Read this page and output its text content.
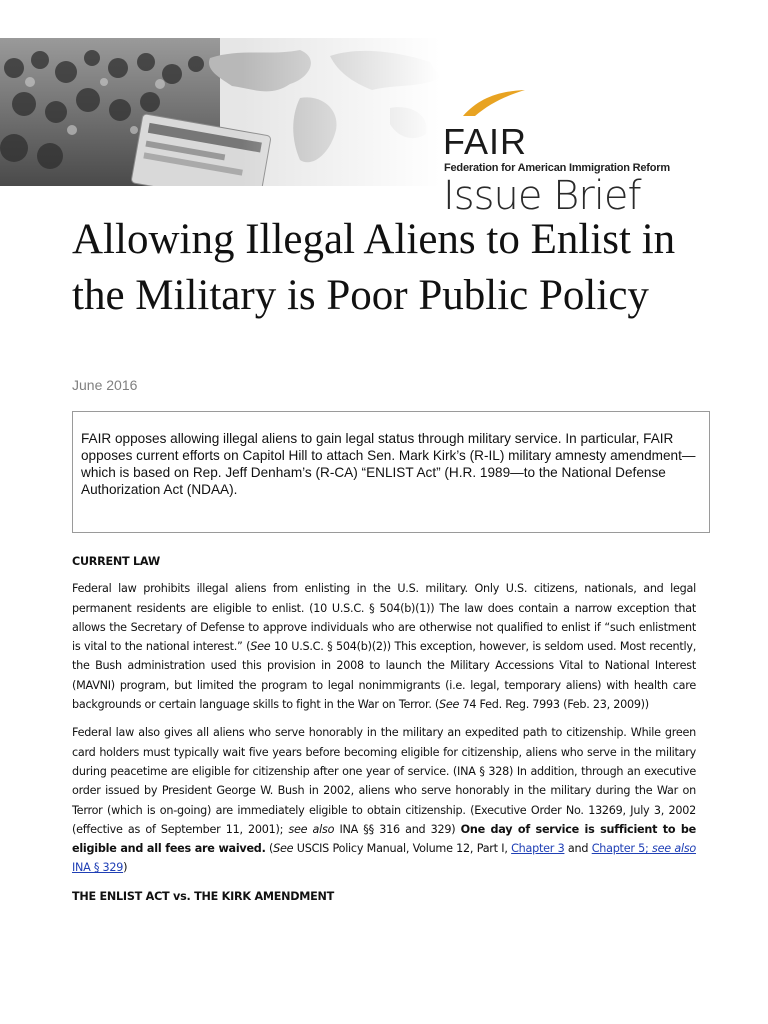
FAIR
Federation for American Immigration Reform
Issue Brief
Allowing Illegal Aliens to Enlist in the Military is Poor Public Policy
June 2016
FAIR opposes allowing illegal aliens to gain legal status through military service. In particular, FAIR opposes current efforts on Capitol Hill to attach Sen. Mark Kirk’s (R-IL) military amnesty amendment—which is based on Rep. Jeff Denham’s (R-CA) “ENLIST Act” (H.R. 1989—to the National Defense Authorization Act (NDAA).
CURRENT LAW

Federal law prohibits illegal aliens from enlisting in the U.S. military. Only U.S. citizens, nationals, and legal permanent residents are eligible to enlist. (10 U.S.C. § 504(b)(1)) The law does contain a narrow exception that allows the Secretary of Defense to approve individuals who are otherwise not qualified to enlist if “such enlistment is vital to the national interest.” (See 10 U.S.C. § 504(b)(2)) This exception, however, is seldom used. Most recently, the Bush administration used this provision in 2008 to launch the Military Accessions Vital to National Interest (MAVNI) program, but limited the program to legal nonimmigrants (i.e. legal, temporary aliens) with health care backgrounds or certain language skills to fight in the War on Terror. (See 74 Fed. Reg. 7993 (Feb. 23, 2009))

Federal law also gives all aliens who serve honorably in the military an expedited path to citizenship. While green card holders must typically wait five years before becoming eligible for citizenship, aliens who serve in the military during peacetime are eligible for citizenship after one year of service. (INA § 328) In addition, through an executive order issued by President George W. Bush in 2002, aliens who serve honorably in the military during the War on Terror (which is on-going) are immediately eligible to obtain citizenship. (Executive Order No. 13269, July 3, 2002 (effective as of September 11, 2001); see also INA §§ 316 and 329) One day of service is sufficient to be eligible and all fees are waived. (See USCIS Policy Manual, Volume 12, Part I, Chapter 3 and Chapter 5; see also INA § 329)

THE ENLIST ACT vs. THE KIRK AMENDMENT
